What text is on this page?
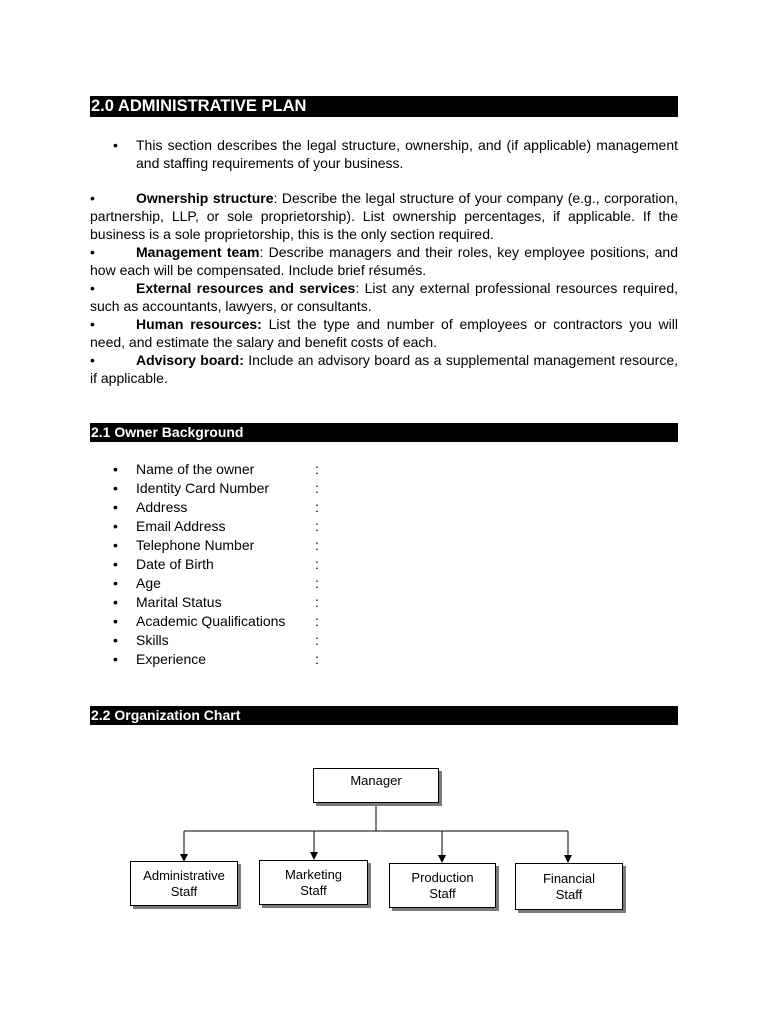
2.0 ADMINISTRATIVE PLAN
• This section describes the legal structure, ownership, and (if applicable) management and staffing requirements of your business.

•	Ownership structure: Describe the legal structure of your company (e.g., corporation, partnership, LLP, or sole proprietorship). List ownership percentages, if applicable. If the business is a sole proprietorship, this is the only section required.

•	Management team: Describe managers and their roles, key employee positions, and how each will be compensated. Include brief résumés.

•	External resources and services: List any external professional resources required, such as accountants, lawyers, or consultants.

•	Human resources: List the type and number of employees or contractors you will need, and estimate the salary and benefit costs of each.

•	Advisory board: Include an advisory board as a supplemental management resource, if applicable.

2.1 Owner Background
• Name of the owner	:
• Identity Card Number	:
• Address	:
• Email Address	:
• Telephone Number	:
• Date of Birth	:
• Age	:
• Marital Status	:
• Academic Qualifications :
• Skills	:
• Experience	:
2.2 Organization Chart
Manager
Administrative
Staff
Marketing
Staff
Production
Staff
Financial
Staff
